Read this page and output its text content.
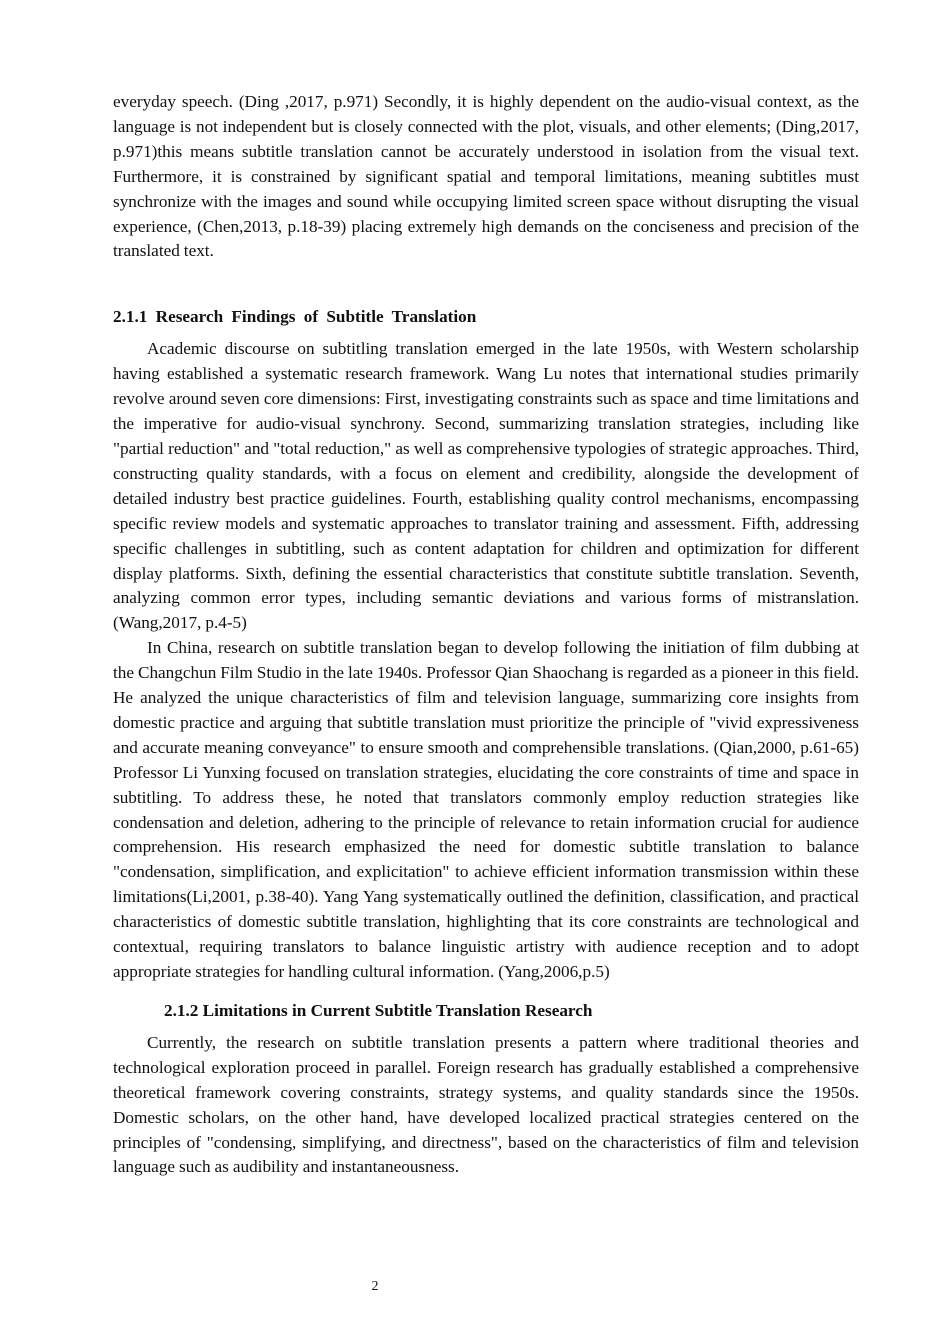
everyday speech. (Ding ,2017, p.971) Secondly, it is highly dependent on the audio-visual context, as the language is not independent but is closely connected with the plot, visuals, and other elements; (Ding,2017, p.971)this means subtitle translation cannot be accurately understood in isolation from the visual text. Furthermore, it is constrained by significant spatial and temporal limitations, meaning subtitles must synchronize with the images and sound while occupying limited screen space without disrupting the visual experience, (Chen,2013, p.18-39) placing extremely high demands on the conciseness and precision of the translated text.

2.1.1 Research Findings of Subtitle Translation

Academic discourse on subtitling translation emerged in the late 1950s, with Western scholarship having established a systematic research framework. Wang Lu notes that international studies primarily revolve around seven core dimensions: First, investigating constraints such as space and time limitations and the imperative for audio-visual synchrony. Second, summarizing translation strategies, including like "partial reduction" and "total reduction," as well as comprehensive typologies of strategic approaches. Third, constructing quality standards, with a focus on element and credibility, alongside the development of detailed industry best practice guidelines. Fourth, establishing quality control mechanisms, encompassing specific review models and systematic approaches to translator training and assessment. Fifth, addressing specific challenges in subtitling, such as content adaptation for children and optimization for different display platforms. Sixth, defining the essential characteristics that constitute subtitle translation. Seventh, analyzing common error types, including semantic deviations and various forms of mistranslation. (Wang,2017, p.4-5)

In China, research on subtitle translation began to develop following the initiation of film dubbing at the Changchun Film Studio in the late 1940s. Professor Qian Shaochang is regarded as a pioneer in this field. He analyzed the unique characteristics of film and television language, summarizing core insights from domestic practice and arguing that subtitle translation must prioritize the principle of "vivid expressiveness and accurate meaning conveyance" to ensure smooth and comprehensible translations. (Qian,2000, p.61-65) Professor Li Yunxing focused on translation strategies, elucidating the core constraints of time and space in subtitling. To address these, he noted that translators commonly employ reduction strategies like condensation and deletion, adhering to the principle of relevance to retain information crucial for audience comprehension. His research emphasized the need for domestic subtitle translation to balance "condensation, simplification, and explicitation" to achieve efficient information transmission within these limitations(Li,2001, p.38-40). Yang Yang systematically outlined the definition, classification, and practical characteristics of domestic subtitle translation, highlighting that its core constraints are technological and contextual, requiring translators to balance linguistic artistry with audience reception and to adopt appropriate strategies for handling cultural information. (Yang,2006,p.5)

2.1.2 Limitations in Current Subtitle Translation Research

Currently, the research on subtitle translation presents a pattern where traditional theories and technological exploration proceed in parallel. Foreign research has gradually established a comprehensive theoretical framework covering constraints, strategy systems, and quality standards since the 1950s. Domestic scholars, on the other hand, have developed localized practical strategies centered on the principles of "condensing, simplifying, and directness", based on the characteristics of film and television language such as audibility and instantaneousness.

2
